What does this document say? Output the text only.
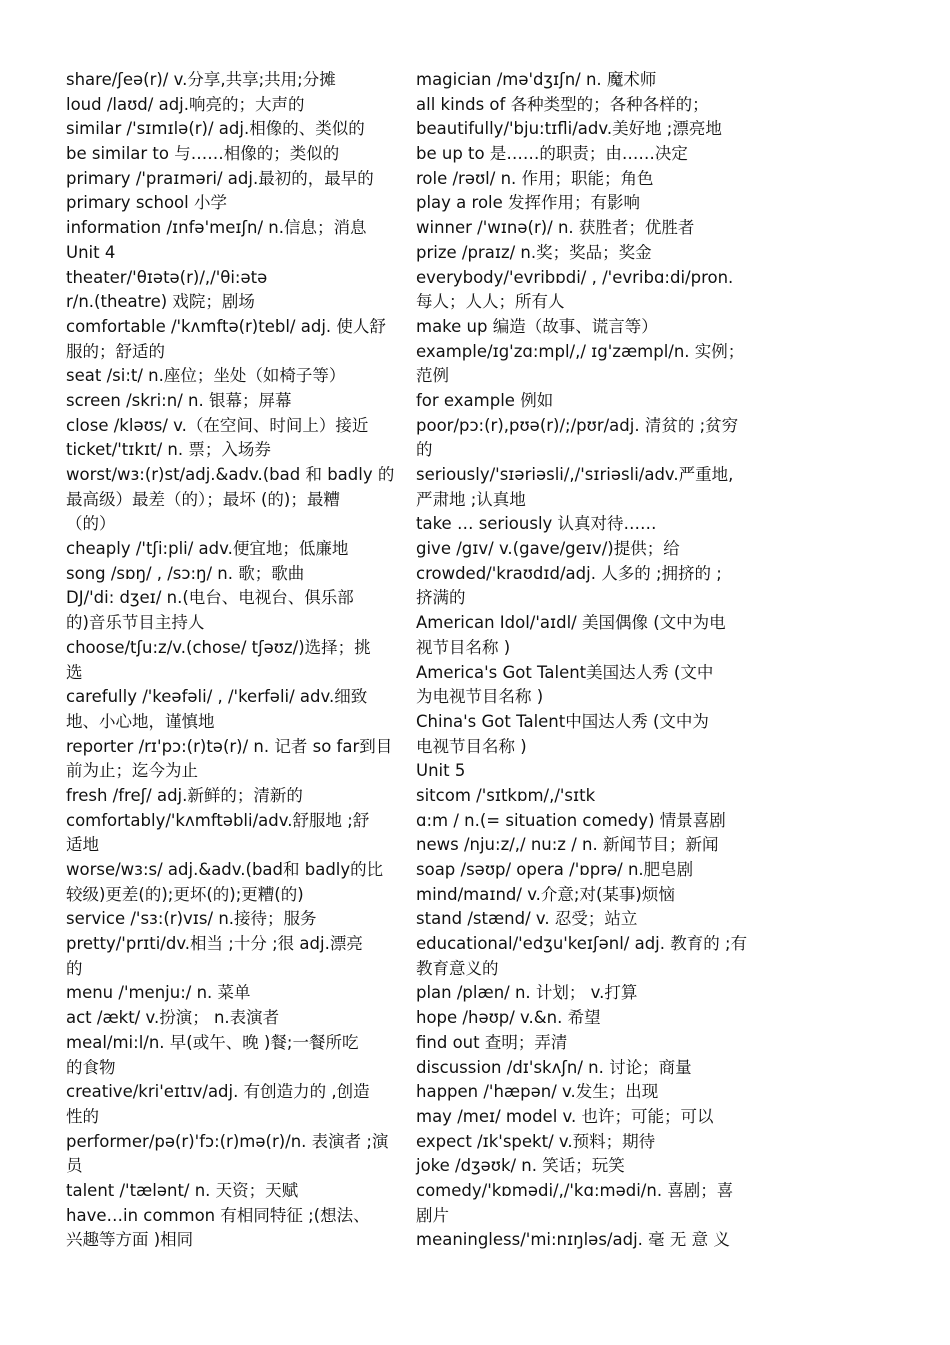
share/ʃeə(r)/ v.分享,共享;共用;分摊
loud /laʊd/ adj.响亮的；大声的
similar /'sɪmɪlə(r)/ adj.相像的、类似的
be similar to 与……相像的；类似的
primary /'praɪməri/ adj.最初的，最早的
primary school 小学
information /ɪnfə'meɪʃn/ n.信息；消息
Unit 4
theater/'θɪətə(r)/,/'θi:ətə
r/n.(theatre) 戏院；剧场
comfortable /'kʌmftə(r)tebl/ adj. 使人舒
服的；舒适的
seat /si:t/ n.座位；坐处（如椅子等）
screen /skri:n/ n. 银幕；屏幕
close /kləʊs/ v.（在空间、时间上）接近
ticket/'tɪkɪt/ n. 票；入场券
worst/wɜ:(r)st/adj.&adv.(bad 和 badly 的
最高级）最差（的）；最坏 (的)；最糟
（的）
cheaply /'tʃi:pli/ adv.便宜地；低廉地
song /sɒŋ/ , /sɔ:ŋ/ n. 歌；歌曲
DJ/'di: dʒeɪ/ n.(电台、电视台、俱乐部
的)音乐节目主持人
choose/tʃu:z/v.(chose/ tʃəʊz/)选择；挑
选
carefully /'keəfəli/ , /'kerfəli/ adv.细致
地、小心地，谨慎地
reporter /rɪ'pɔ:(r)tə(r)/ n. 记者 so far到目
前为止；迄今为止
fresh /freʃ/ adj.新鲜的；清新的
comfortably/'kʌmftəbli/adv.舒服地 ;舒
适地
worse/wɜ:s/ adj.&adv.(bad和 badly的比
较级)更差(的);更坏(的);更糟(的)
service /'sɜ:(r)vɪs/ n.接待；服务
pretty/'prɪti/dv.相当 ;十分 ;很 adj.漂亮
的
menu /'menju:/ n. 菜单
act /ækt/ v.扮演； n.表演者
meal/mi:l/n. 早(或午、晚 )餐;一餐所吃
的食物
creative/kri'eɪtɪv/adj. 有创造力的 ,创造
性的
performer/pə(r)'fɔ:(r)mə(r)/n. 表演者 ;演
员
talent /'tælənt/ n. 天资；天赋
have…in common 有相同特征 ;(想法、
兴趣等方面 )相同
magician /mə'dʒɪʃn/ n. 魔术师
all kinds of 各种类型的；各种各样的；
beautifully/'bju:tɪfli/adv.美好地 ;漂亮地
be up to 是……的职责；由……决定
role /rəʊl/ n. 作用；职能；角色
play a role 发挥作用；有影响
winner /'wɪnə(r)/ n. 获胜者；优胜者
prize /praɪz/ n.奖；奖品；奖金
everybody/'evribɒdi/ , /'evribɑ:di/pron.
每人；人人；所有人
make up 编造（故事、谎言等）
example/ɪg'zɑ:mpl/,/ ɪg'zæmpl/n. 实例；
范例
for example 例如
poor/pɔ:(r),pʊə(r)/;/pʊr/adj. 清贫的 ;贫穷
的
seriously/'sɪəriəsli/,/'sɪriəsli/adv.严重地,
严肃地 ;认真地
take … seriously 认真对待……
give /gɪv/ v.(gave/geɪv/)提供；给
crowded/'kraʊdɪd/adj. 人多的 ;拥挤的 ;
挤满的
American Idol/'aɪdl/ 美国偶像 (文中为电
视节目名称 )
America's Got Talent美国达人秀 (文中
为电视节目名称 )
China's Got Talent中国达人秀 (文中为
电视节目名称 )
Unit 5
sitcom /'sɪtkɒm/,/'sɪtk
ɑ:m / n.(= situation comedy) 情景喜剧
news /nju:z/,/ nu:z / n. 新闻节目；新闻
soap /səʊp/ opera /'ɒprə/ n.肥皂剧
mind/maɪnd/ v.介意;对(某事)烦恼
stand /stænd/ v. 忍受；站立
educational/'edʒu'keɪʃənl/ adj. 教育的 ;有
教育意义的
plan /plæn/ n. 计划； v.打算
hope /həʊp/ v.&n. 希望
find out 查明；弄清
discussion /dɪ'skʌʃn/ n. 讨论；商量
happen /'hæpən/ v.发生；出现
may /meɪ/ model v. 也许；可能；可以
expect /ɪk'spekt/ v.预料；期待
joke /dʒəʊk/ n. 笑话；玩笑
comedy/'kɒmədi/,/'kɑ:mədi/n. 喜剧；喜
剧片
meaningless/'mi:nɪŋləs/adj. 毫 无 意 义
